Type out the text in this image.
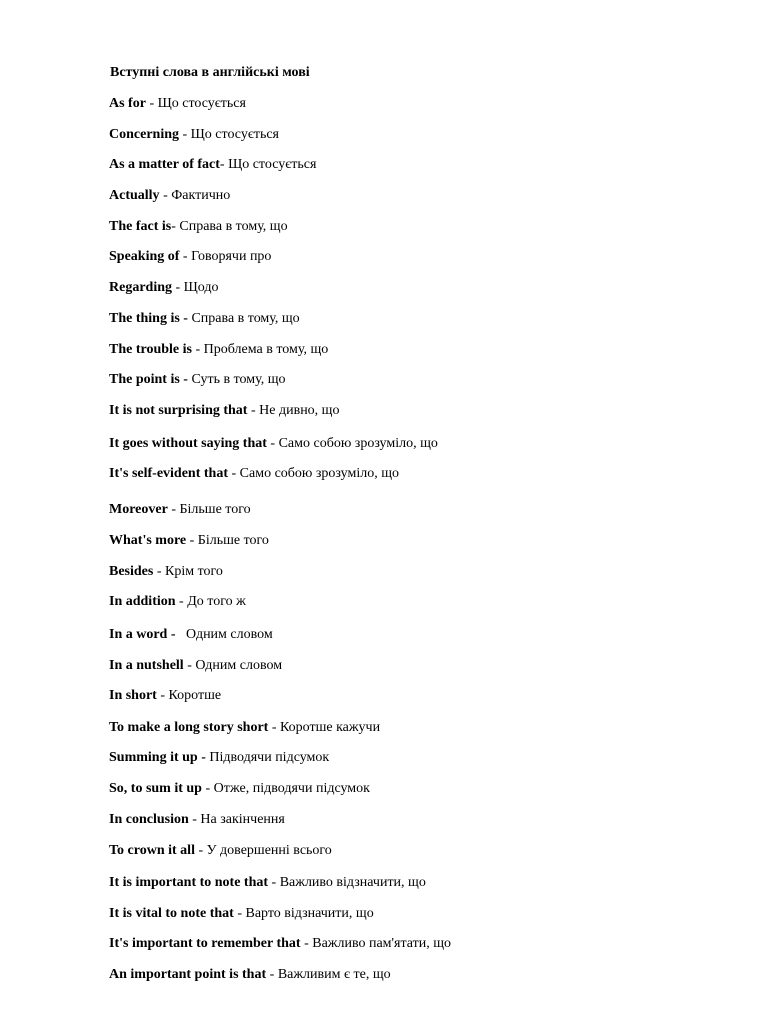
Вступні слова в англійські мові
As for - Що стосується
Concerning - Що стосується
As a matter of fact- Що стосується
Actually - Фактично
The fact is- Справа в тому, що
Speaking of - Говорячи про
Regarding - Щодо
The thing is - Справа в тому, що
The trouble is - Проблема в тому, що
The point is - Суть в тому, що
It is not surprising that - Не дивно, що
It goes without saying that - Само собою зрозуміло, що
It's self-evident that - Само собою зрозуміло, що
Moreover - Більше того
What's more - Більше того
Besides - Крім того
In addition - До того ж
In a word - Одним словом
In a nutshell - Одним словом
In short - Коротше
To make a long story short - Коротше кажучи
Summing it up - Підводячи підсумок
So, to sum it up - Отже, підводячи підсумок
In conclusion - На закінчення
To crown it all - У довершенні всього
It is important to note that - Важливо відзначити, що
It is vital to note that - Варто відзначити, що
It's important to remember that - Важливо пам'ятати, що
An important point is that - Важливим є те, що
